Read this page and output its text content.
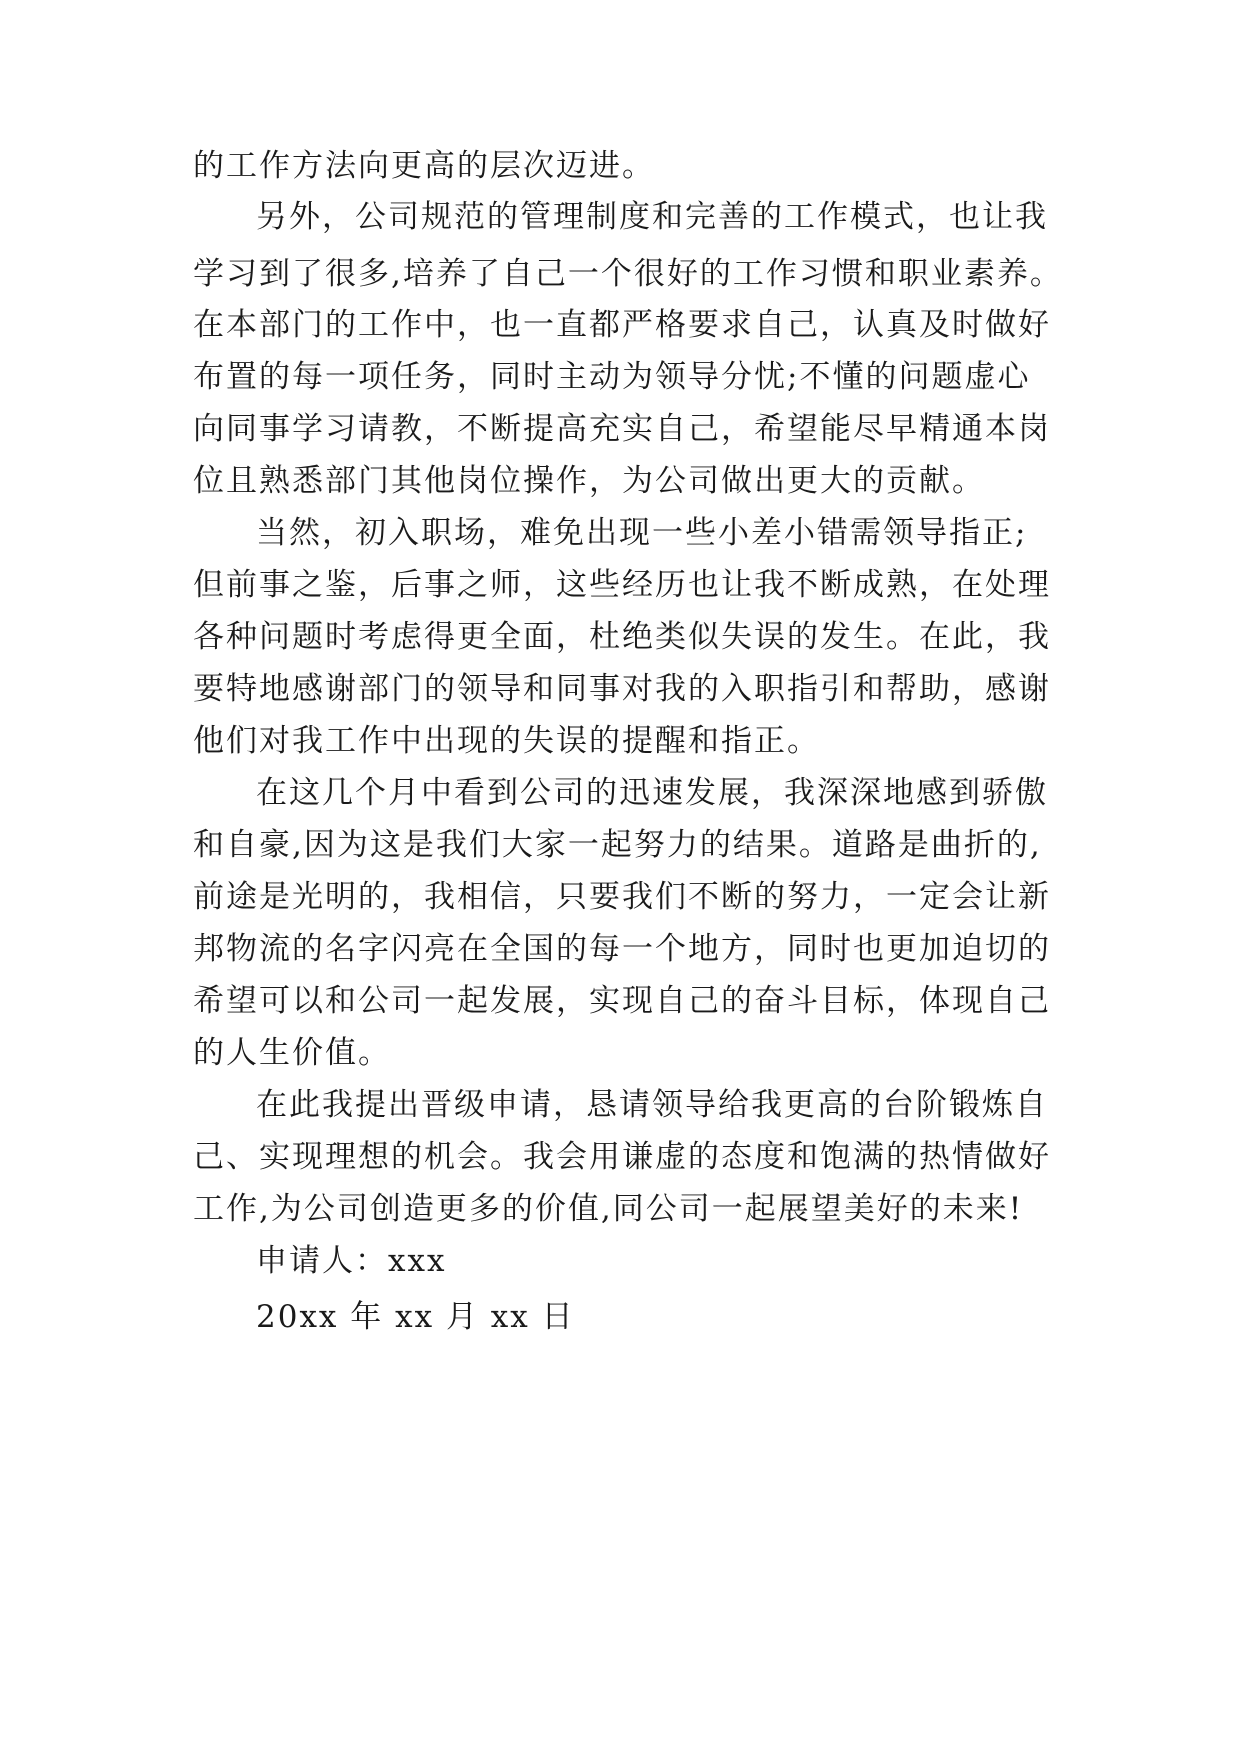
的工作方法向更高的层次迈进。
另外，公司规范的管理制度和完善的工作模式，也让我
学习到了很多,培养了自己一个很好的工作习惯和职业素养。
在本部门的工作中，也一直都严格要求自己，认真及时做好
布置的每一项任务，同时主动为领导分忧;不懂的问题虚心
向同事学习请教，不断提高充实自己，希望能尽早精通本岗
位且熟悉部门其他岗位操作，为公司做出更大的贡献。
当然，初入职场，难免出现一些小差小错需领导指正;
但前事之鉴，后事之师，这些经历也让我不断成熟，在处理
各种问题时考虑得更全面，杜绝类似失误的发生。在此，我
要特地感谢部门的领导和同事对我的入职指引和帮助，感谢
他们对我工作中出现的失误的提醒和指正。
在这几个月中看到公司的迅速发展，我深深地感到骄傲
和自豪,因为这是我们大家一起努力的结果。道路是曲折的,
前途是光明的，我相信，只要我们不断的努力，一定会让新
邦物流的名字闪亮在全国的每一个地方，同时也更加迫切的
希望可以和公司一起发展，实现自己的奋斗目标，体现自己
的人生价值。
在此我提出晋级申请，恳请领导给我更高的台阶锻炼自
己、实现理想的机会。我会用谦虚的态度和饱满的热情做好
工作,为公司创造更多的价值,同公司一起展望美好的未来!
申请人：xxx
20xx 年 xx 月 xx 日
